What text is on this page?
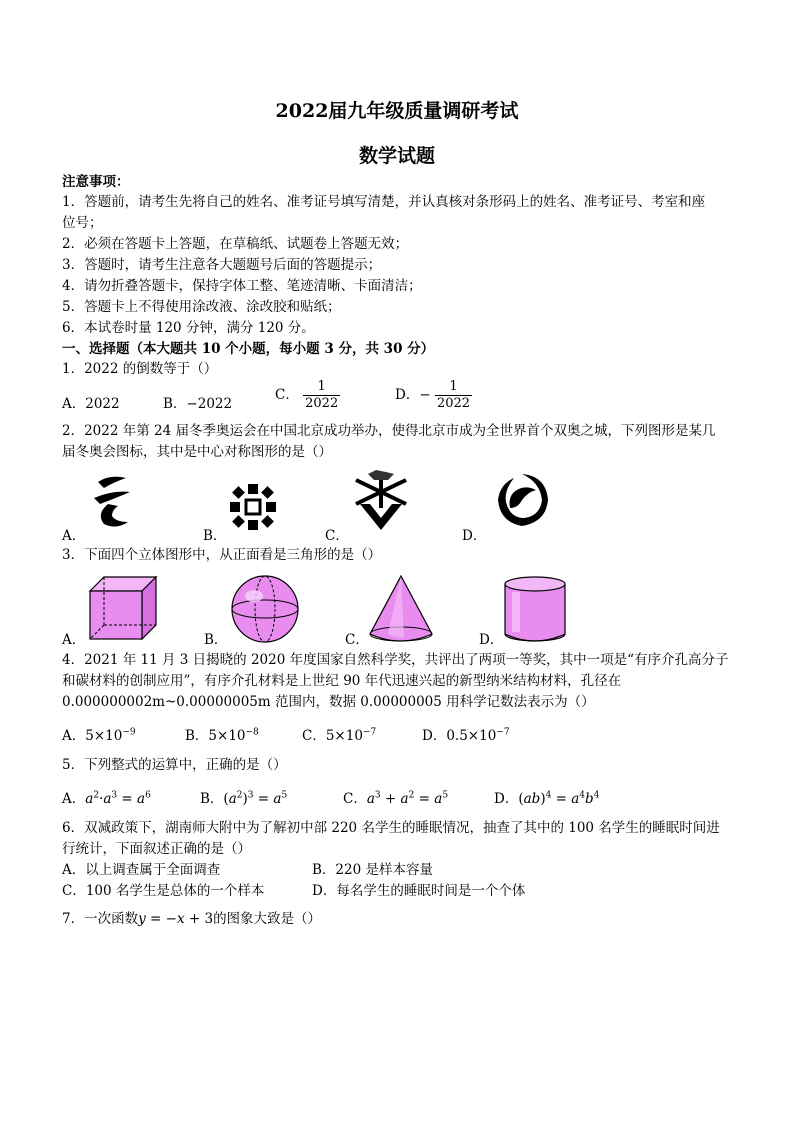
2022届九年级质量调研考试
数学试题
注意事项：
1．答题前，请考生先将自己的姓名、准考证号填写清楚，并认真核对条形码上的姓名、准考证号、考室和座
位号；
2．必须在答题卡上答题，在草稿纸、试题卷上答题无效；
3．答题时，请考生注意各大题题号后面的答题提示；
4．请勿折叠答题卡，保持字体工整、笔迹清晰、卡面清洁；
5．答题卡上不得使用涂改液、涂改胶和贴纸；
6．本试卷时量 120 分钟，满分 120 分。
一、选择题（本大题共 10 个小题，每小题 3 分，共 30 分）
1．2022 的倒数等于（）
A．2022	B．−2022
C． $\frac{1}{2022}$	D．− $\frac{1}{2022}$
2．2022 年第 24 届冬季奥运会在中国北京成功举办，使得北京市成为全世界首个双奥之城，下列图形是某几
届冬奥会图标，其中是中心对称图形的是（）
A．	B．	C．	D．
3．下面四个立体图形中，从正面看是三角形的是（）
A．	B．	C．	D．
4．2021 年 11 月 3 日揭晓的 2020 年度国家自然科学奖，共评出了两项一等奖，其中一项是“有序介孔高分子
和碳材料的创制应用”，有序介孔材料是上世纪 90 年代迅速兴起的新型纳米结构材料，孔径在
0.000000002m~0.00000005m 范围内，数据 0.00000005 用科学记数法表示为（）
A．$5\times 10^{-9}$	B．$5\times 10^{-8}$	C．$5\times 10^{-7}$	D．$0.5\times 10^{-7}$
5．下列整式的运算中，正确的是（）
A．$a^2\cdot a^3 = a^6$	B．$(a^2)^3 = a^5$	C．$a^3 + a^2 = a^5$	D．$(ab)^4 = a^4b^4$
6．双减政策下，湖南师大附中为了解初中部 220 名学生的睡眠情况，抽查了其中的 100 名学生的睡眠时间进
行统计，下面叙述正确的是（）
A．以上调查属于全面调查	B．220 是样本容量
C．100 名学生是总体的一个样本	D．每名学生的睡眠时间是一个个体
7．一次函数y = −x + 3的图象大致是（）
